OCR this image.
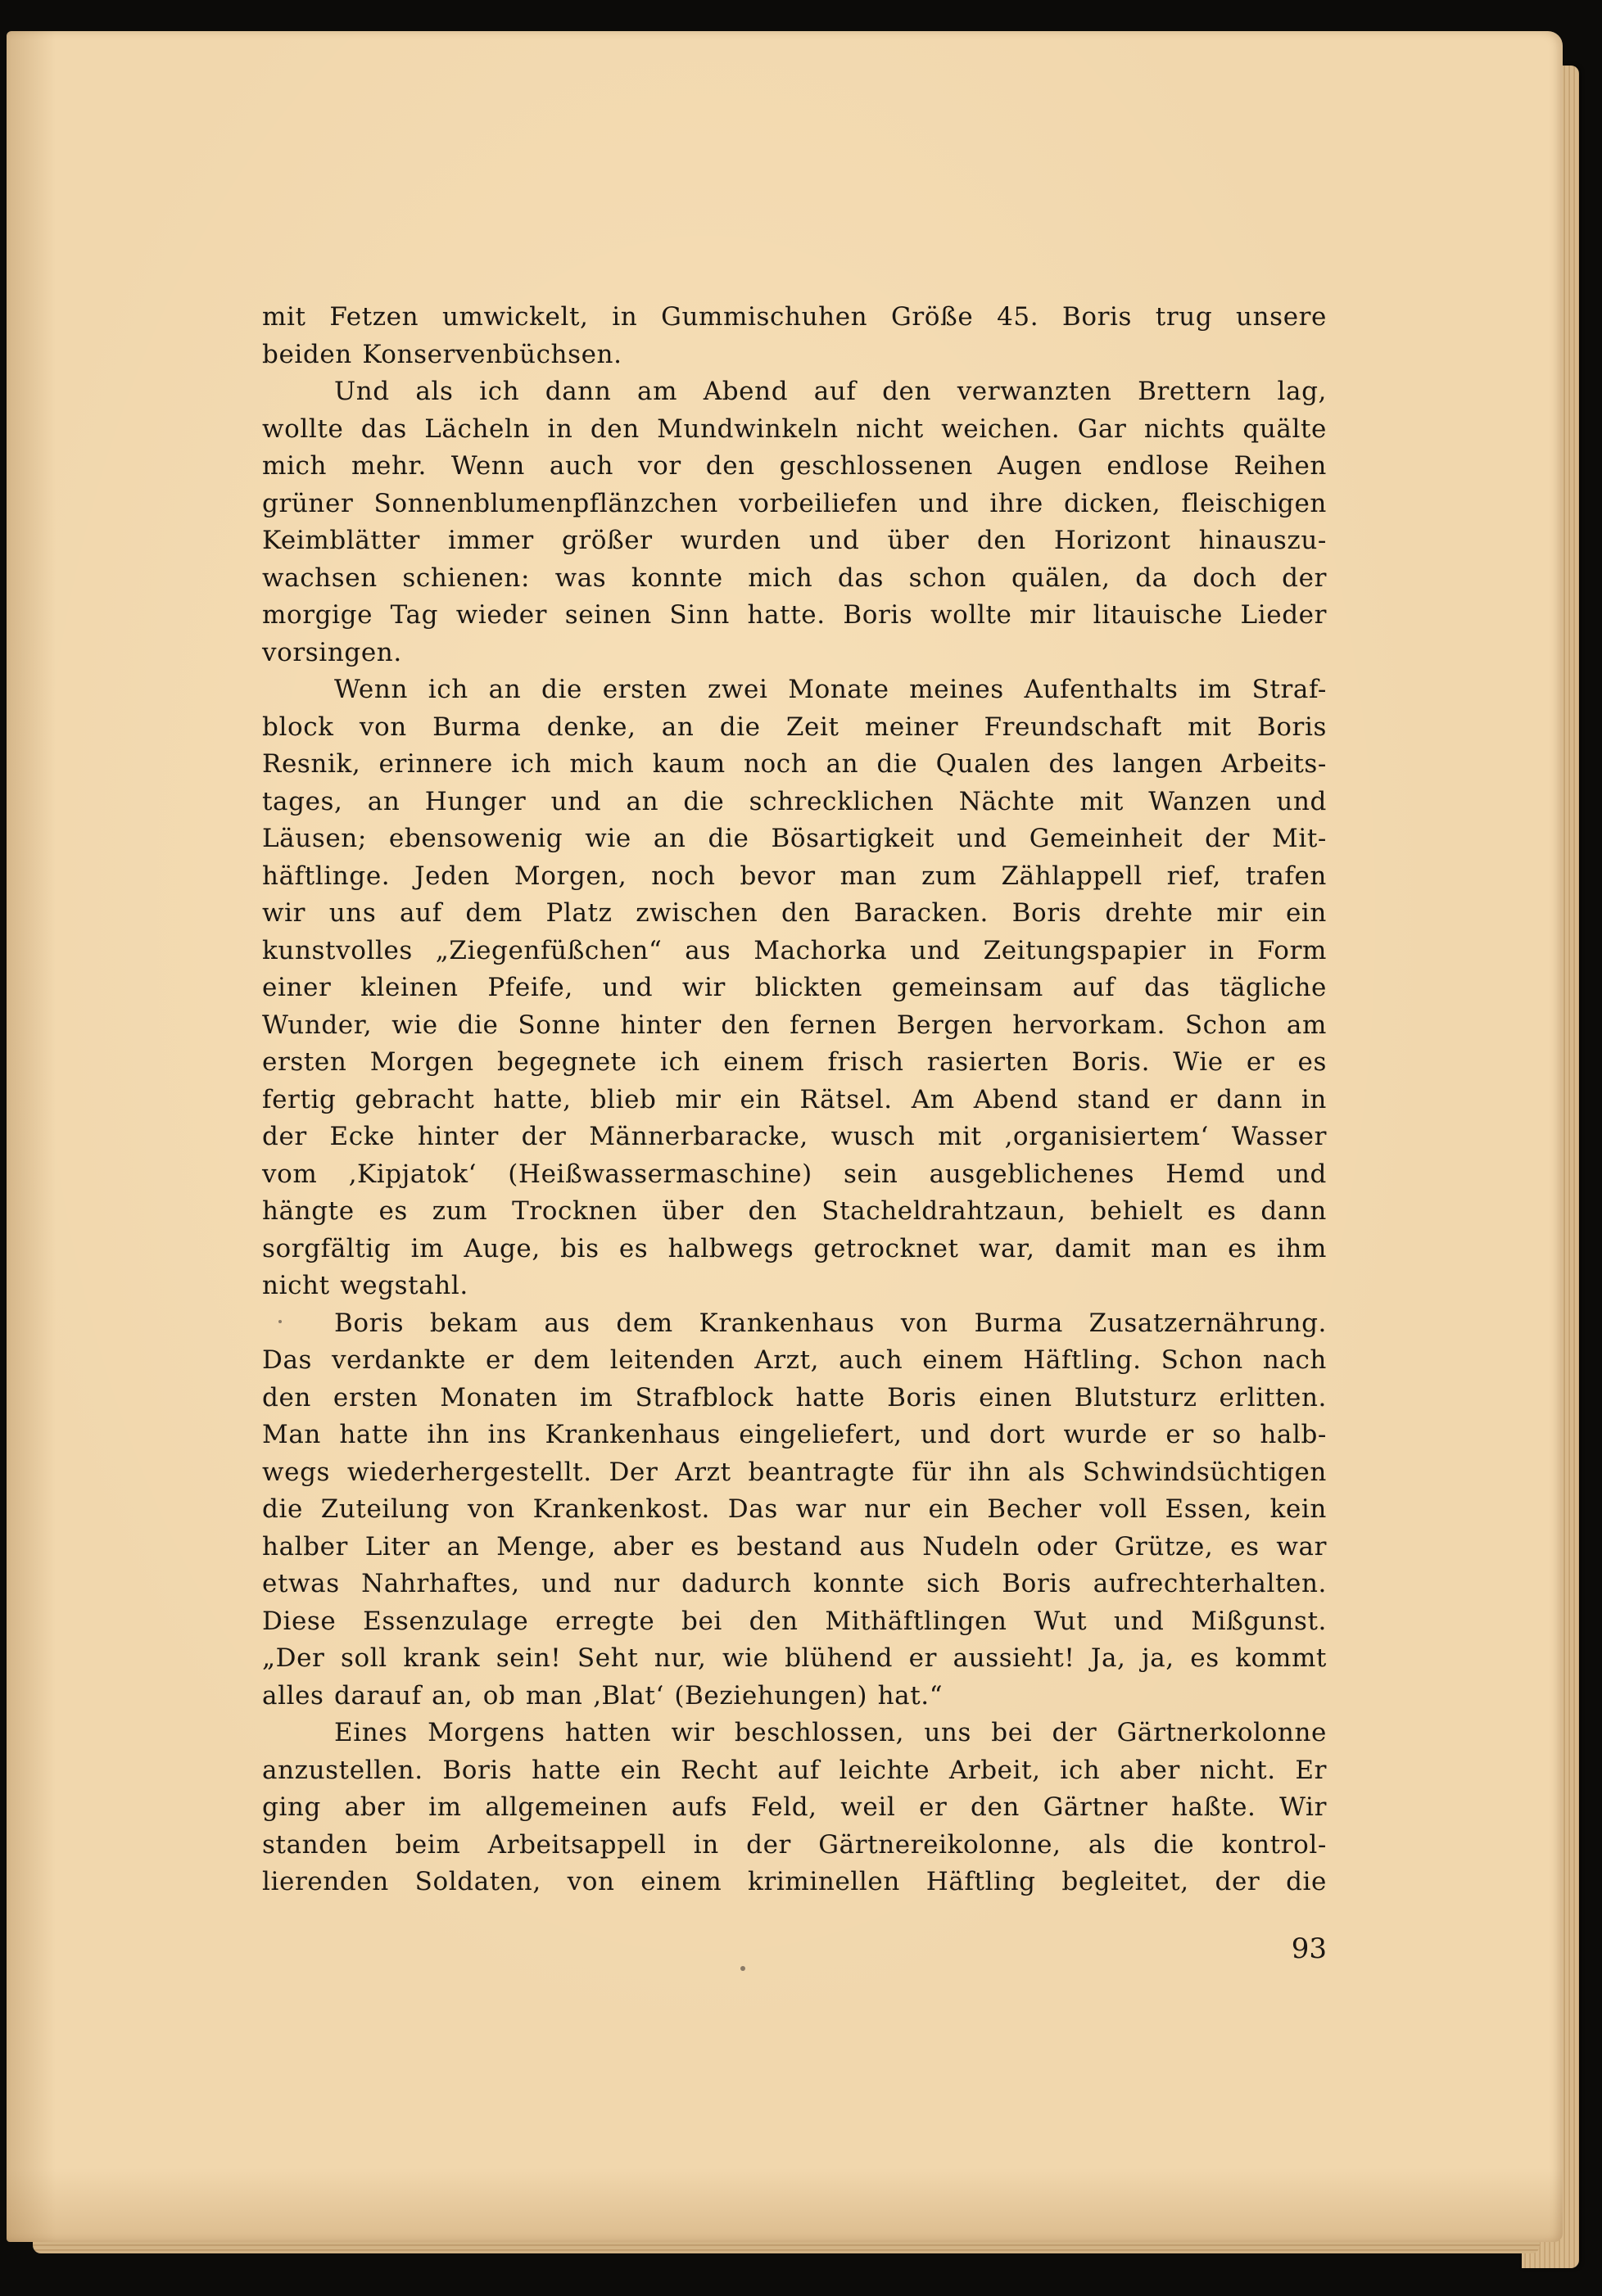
mit Fetzen umwickelt, in Gummischuhen Größe 45. Boris trug unsere
beiden Konservenbüchsen.
Und als ich dann am Abend auf den verwanzten Brettern lag,
wollte das Lächeln in den Mundwinkeln nicht weichen. Gar nichts quälte
mich mehr. Wenn auch vor den geschlossenen Augen endlose Reihen
grüner Sonnenblumenpflänzchen vorbeiliefen und ihre dicken, fleischigen
Keimblätter immer größer wurden und über den Horizont hinauszu-
wachsen schienen: was konnte mich das schon quälen, da doch der
morgige Tag wieder seinen Sinn hatte. Boris wollte mir litauische Lieder
vorsingen.
Wenn ich an die ersten zwei Monate meines Aufenthalts im Straf-
block von Burma denke, an die Zeit meiner Freundschaft mit Boris
Resnik, erinnere ich mich kaum noch an die Qualen des langen Arbeits-
tages, an Hunger und an die schrecklichen Nächte mit Wanzen und
Läusen; ebensowenig wie an die Bösartigkeit und Gemeinheit der Mit-
häftlinge. Jeden Morgen, noch bevor man zum Zählappell rief, trafen
wir uns auf dem Platz zwischen den Baracken. Boris drehte mir ein
kunstvolles „Ziegenfüßchen“ aus Machorka und Zeitungspapier in Form
einer kleinen Pfeife, und wir blickten gemeinsam auf das tägliche
Wunder, wie die Sonne hinter den fernen Bergen hervorkam. Schon am
ersten Morgen begegnete ich einem frisch rasierten Boris. Wie er es
fertig gebracht hatte, blieb mir ein Rätsel. Am Abend stand er dann in
der Ecke hinter der Männerbaracke, wusch mit ‚organisiertem‘ Wasser
vom ‚Kipjatok‘ (Heißwassermaschine) sein ausgeblichenes Hemd und
hängte es zum Trocknen über den Stacheldrahtzaun, behielt es dann
sorgfältig im Auge, bis es halbwegs getrocknet war, damit man es ihm
nicht wegstahl.
Boris bekam aus dem Krankenhaus von Burma Zusatzernährung.
Das verdankte er dem leitenden Arzt, auch einem Häftling. Schon nach
den ersten Monaten im Strafblock hatte Boris einen Blutsturz erlitten.
Man hatte ihn ins Krankenhaus eingeliefert, und dort wurde er so halb-
wegs wiederhergestellt. Der Arzt beantragte für ihn als Schwindsüchtigen
die Zuteilung von Krankenkost. Das war nur ein Becher voll Essen, kein
halber Liter an Menge, aber es bestand aus Nudeln oder Grütze, es war
etwas Nahrhaftes, und nur dadurch konnte sich Boris aufrechterhalten.
Diese Essenzulage erregte bei den Mithäftlingen Wut und Mißgunst.
„Der soll krank sein! Seht nur, wie blühend er aussieht! Ja, ja, es kommt
alles darauf an, ob man ‚Blat‘ (Beziehungen) hat.“
Eines Morgens hatten wir beschlossen, uns bei der Gärtnerkolonne
anzustellen. Boris hatte ein Recht auf leichte Arbeit, ich aber nicht. Er
ging aber im allgemeinen aufs Feld, weil er den Gärtner haßte. Wir
standen beim Arbeitsappell in der Gärtnereikolonne, als die kontrol-
lierenden Soldaten, von einem kriminellen Häftling begleitet, der die
93
